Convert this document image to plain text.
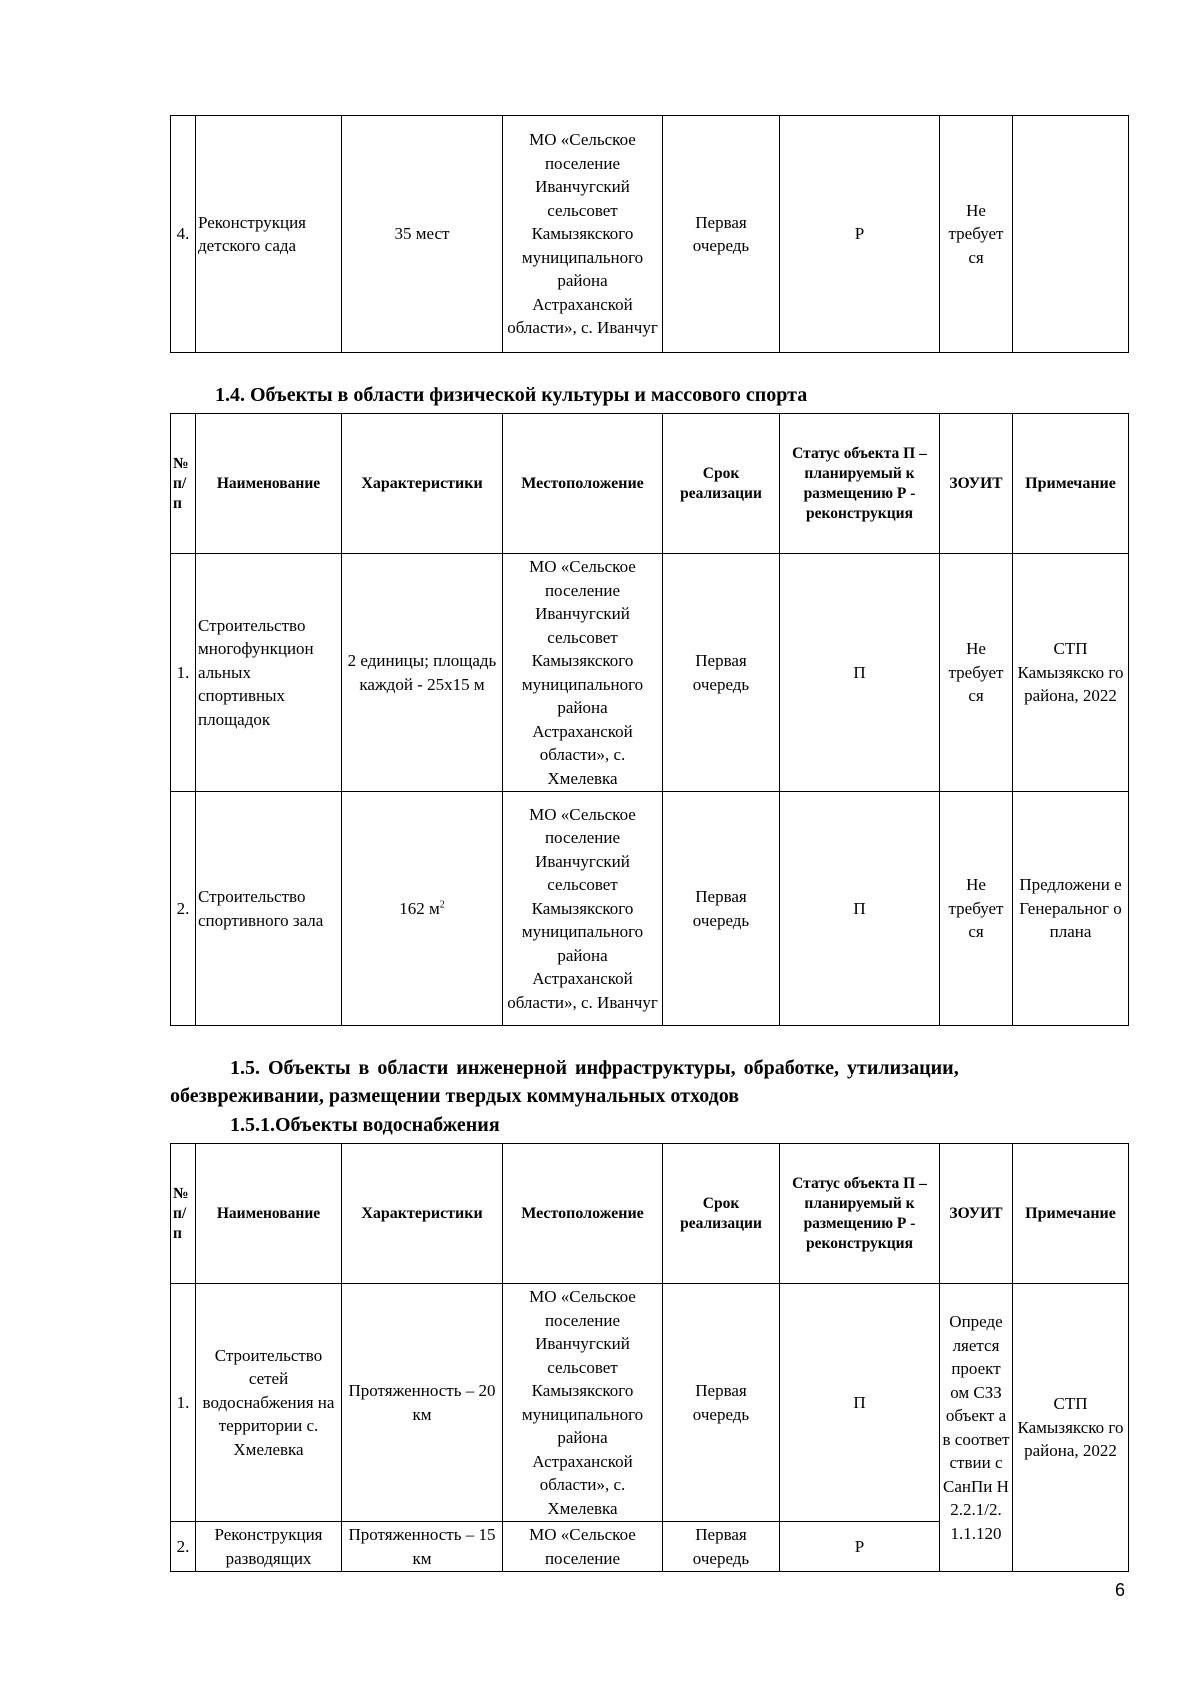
4.	Реконструкция детского сада	35 мест	МО «Сельское поселение Иванчугский сельсовет Камызякского муниципального района Астраханской области», с. Иванчуг	Первая очередь	Р	Не требует ся	

1.4. Объекты в области физической культуры и массового спорта

№ п/ п	Наименование	Характеристики	Местоположение	Срок реализации	Статус объекта П – планируемый к размещению Р - реконструкция	ЗОУИТ	Примечание
1.	Строительство многофункцион альных спортивных площадок	2 единицы; площадь каждой - 25х15 м	МО «Сельское поселение Иванчугский сельсовет Камызякского муниципального района Астраханской области», с. Хмелевка	Первая очередь	П	Не требует ся	СТП Камызякско го района, 2022
2.	Строительство спортивного зала	162 $м^2$	МО «Сельское поселение Иванчугский сельсовет Камызякского муниципального района Астраханской области», с. Иванчуг	Первая очередь	П	Не требует ся	Предложени е Генеральног о плана

1.5. Объекты в области инженерной инфраструктуры, обработке, утилизации,

обезвреживании, размещении твердых коммунальных отходов

1.5.1.Объекты водоснабжения

№ п/ п	Наименование	Характеристики	Местоположение	Срок реализации	Статус объекта П – планируемый к размещению Р - реконструкция	ЗОУИТ	Примечание
1.	Строительство сетей водоснабжения на территории с. Хмелевка	Протяженность – 20 км	МО «Сельское поселение Иванчугский сельсовет Камызякского муниципального района Астраханской области», с. Хмелевка	Первая очередь	П	Опреде ляется проект ом СЗЗ объект а в соответ ствии с СанПи Н 2.2.1/2. 1.1.120	СТП Камызякско го района, 2022
2.	Реконструкция разводящих	Протяженность – 15 км	МО «Сельское поселение	Первая очередь	Р		
6
